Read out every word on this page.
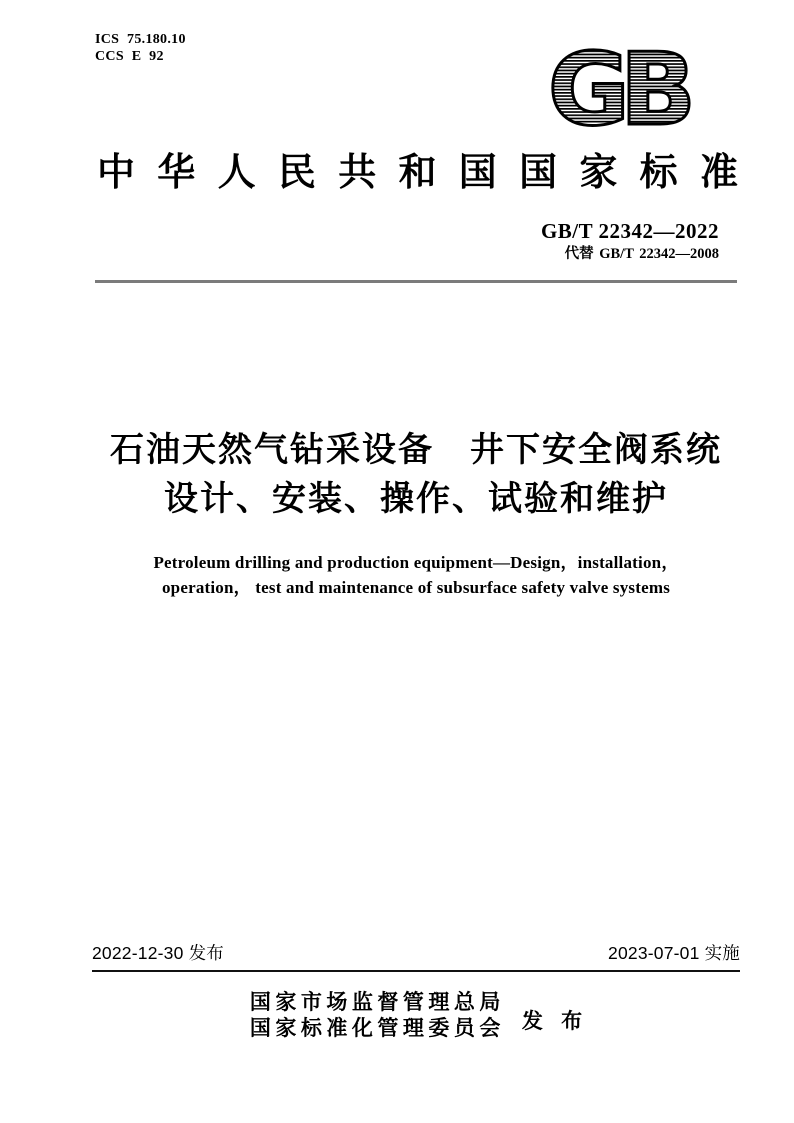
ICS 75.180.10
CCS E 92	GB
中华人民共和国国家标准
GB/T 22342—2022
代替 GB/T 22342—2008
石油天然气钻采设备　井下安全阀系统
设计、安装、操作、试验和维护
Petroleum drilling and production equipment—Design，installation，
operation， test and maintenance of subsurface safety valve systems
2022-12-30 发布	2023-07-01 实施
国家市场监督管理总局
国家标准化管理委员会 发 布
